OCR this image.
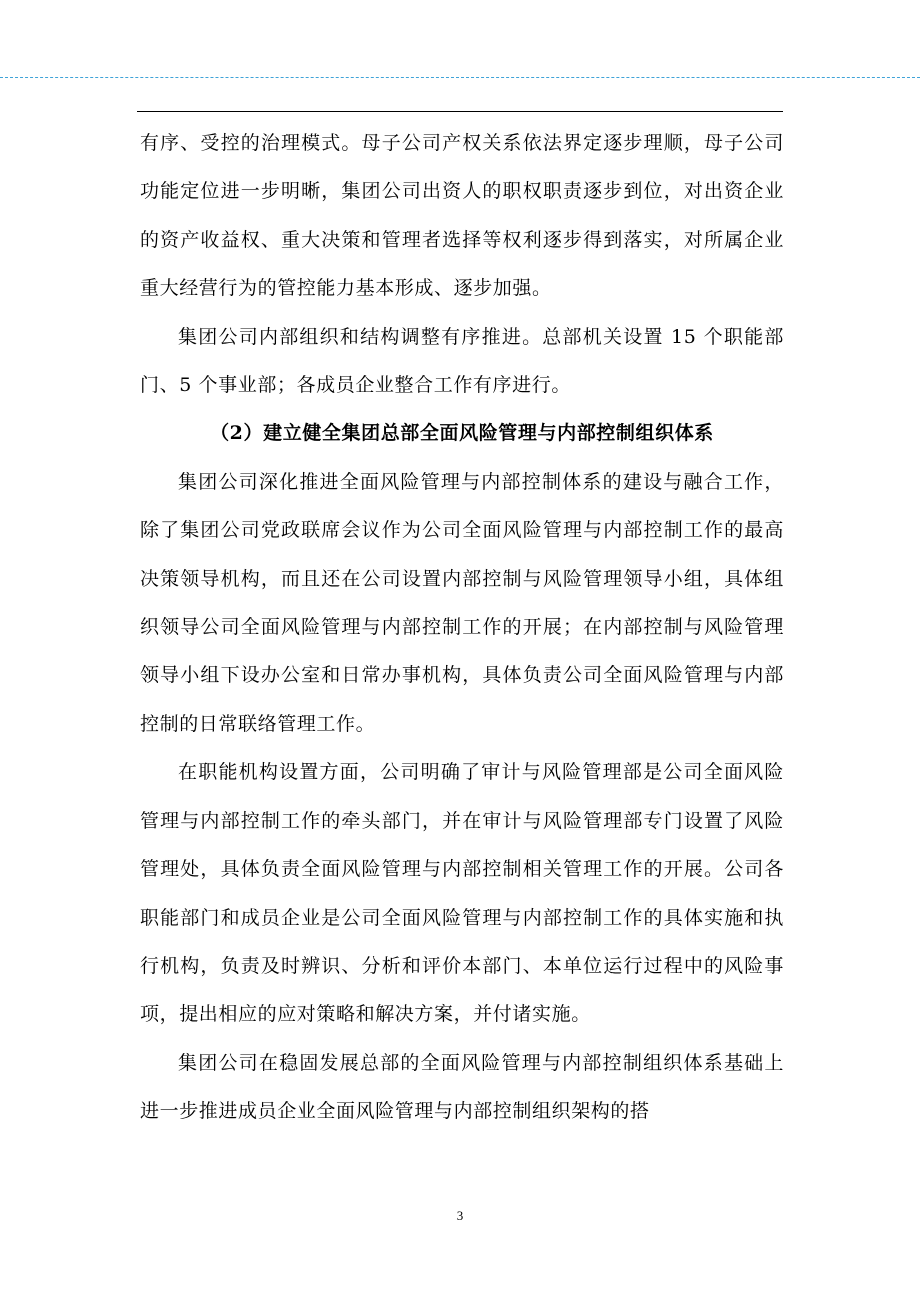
有序、受控的治理模式。母子公司产权关系依法界定逐步理顺，母子公司功能定位进一步明晰，集团公司出资人的职权职责逐步到位，对出资企业的资产收益权、重大决策和管理者选择等权利逐步得到落实，对所属企业重大经营行为的管控能力基本形成、逐步加强。

集团公司内部组织和结构调整有序推进。总部机关设置 15 个职能部门、5 个事业部；各成员企业整合工作有序进行。

（2）建立健全集团总部全面风险管理与内部控制组织体系

集团公司深化推进全面风险管理与内部控制体系的建设与融合工作，除了集团公司党政联席会议作为公司全面风险管理与内部控制工作的最高决策领导机构，而且还在公司设置内部控制与风险管理领导小组，具体组织领导公司全面风险管理与内部控制工作的开展；在内部控制与风险管理领导小组下设办公室和日常办事机构，具体负责公司全面风险管理与内部控制的日常联络管理工作。

在职能机构设置方面，公司明确了审计与风险管理部是公司全面风险管理与内部控制工作的牵头部门，并在审计与风险管理部专门设置了风险管理处，具体负责全面风险管理与内部控制相关管理工作的开展。公司各职能部门和成员企业是公司全面风险管理与内部控制工作的具体实施和执行机构，负责及时辨识、分析和评价本部门、本单位运行过程中的风险事项，提出相应的应对策略和解决方案，并付诸实施。

集团公司在稳固发展总部的全面风险管理与内部控制组织体系基础上进一步推进成员企业全面风险管理与内部控制组织架构的搭

3
